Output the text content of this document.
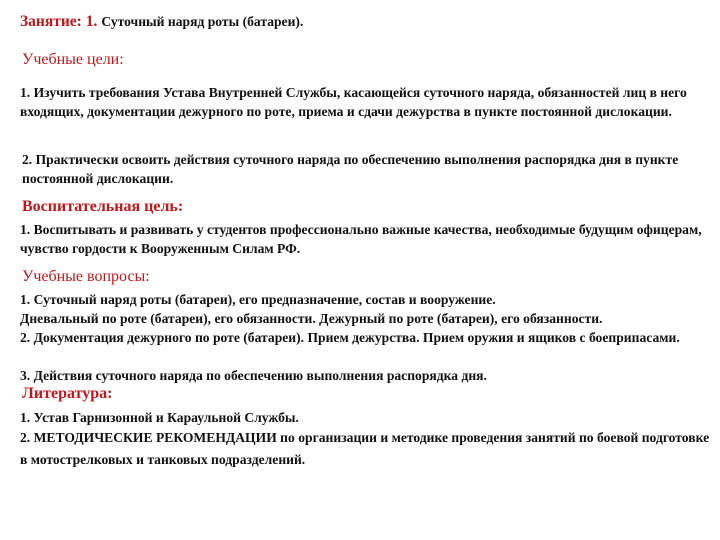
Занятие: 1. Суточный наряд роты (батареи).
Учебные цели:
1. Изучить требования Устава Внутренней Службы, касающейся суточного наряда, обязанностей лиц в него входящих, документации дежурного по роте, приема и сдачи дежурства в пункте постоянной дислокации.
2. Практически освоить действия суточного наряда по обеспечению выполнения распорядка дня в пункте постоянной дислокации.
Воспитательная цель:
1. Воспитывать и развивать у студентов профессионально важные качества, необходимые будущим офицерам, чувство гордости к Вооруженным Силам РФ.
Учебные вопросы:
1. Суточный наряд роты (батареи), его предназначение, состав и вооружение.
Дневальный по роте (батареи), его обязанности. Дежурный по роте (батареи), его обязанности.
2. Документация дежурного по роте (батареи). Прием дежурства. Прием оружия и ящиков с боеприпасами.
3. Действия суточного наряда по обеспечению выполнения распорядка дня.
Литература:
1. Устав Гарнизонной и Караульной Службы.
2. МЕТОДИЧЕСКИЕ РЕКОМЕНДАЦИИ по организации и методике проведения занятий по боевой подготовке в мотострелковых и танковых подразделений.
